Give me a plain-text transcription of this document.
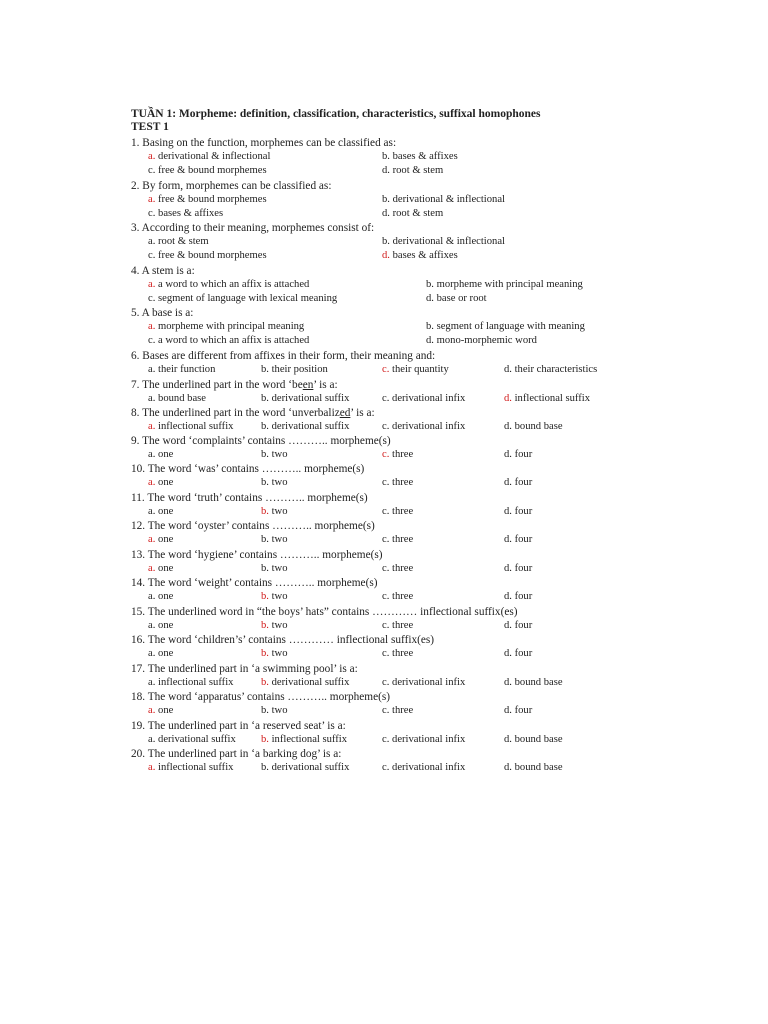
TUẦN 1: Morpheme: definition, classification, characteristics, suffixal homophones
TEST 1
1. Basing on the function, morphemes can be classified as:
a. derivational & inflectional	b. bases & affixes
c. free & bound morphemes	d. root & stem
2. By form, morphemes can be classified as:
a. free & bound morphemes	b. derivational & inflectional
c. bases & affixes	d. root & stem
3. According to their meaning, morphemes consist of:
a. root & stem	b. derivational & inflectional
c. free & bound morphemes	d. bases & affixes
4. A stem is a:
a. a word to which an affix is attached	b. morpheme with principal meaning
c. segment of language with lexical meaning	d. base or root
5. A base is a:
a. morpheme with principal meaning	b. segment of language with meaning
c. a word to which an affix is attached	d. mono-morphemic word
6. Bases are different from affixes in their form, their meaning and:
a. their function	b. their position	c. their quantity	d. their characteristics
7. The underlined part in the word ‘been’ is a:
a. bound base	b. derivational suffix	c. derivational infix	d. inflectional suffix
8. The underlined part in the word ‘unverbalized’ is a:
a. inflectional suffix	b. derivational suffix	c. derivational infix	d. bound base
9. The word ‘complaints’ contains ……….. morpheme(s)
a. one	b. two	c. three	d. four
10. The word ‘was’ contains ……….. morpheme(s)
a. one	b. two	c. three	d. four
11. The word ‘truth’ contains ……….. morpheme(s)
a. one	b. two	c. three	d. four
12. The word ‘oyster’ contains ……….. morpheme(s)
a. one	b. two	c. three	d. four
13. The word ‘hygiene’ contains ……….. morpheme(s)
a. one	b. two	c. three	d. four
14. The word ‘weight’ contains ……….. morpheme(s)
a. one	b. two	c. three	d. four
15. The underlined word in “the boys’ hats” contains ………… inflectional suffix(es)
a. one	b. two	c. three	d. four
16. The word ‘children’s’ contains ………… inflectional suffix(es)
a. one	b. two	c. three	d. four
17. The underlined part in ‘a swimming pool’ is a:
a. inflectional suffix	b. derivational suffix	c. derivational infix	d. bound base
18. The word ‘apparatus’ contains ……….. morpheme(s)
a. one	b. two	c. three	d. four
19. The underlined part in ‘a reserved seat’ is a:
a. derivational suffix b. inflectional suffix	c. derivational infix	d. bound base
20. The underlined part in ‘a barking dog’ is a:
a. inflectional suffix	b. derivational suffix	c. derivational infix	d. bound base
